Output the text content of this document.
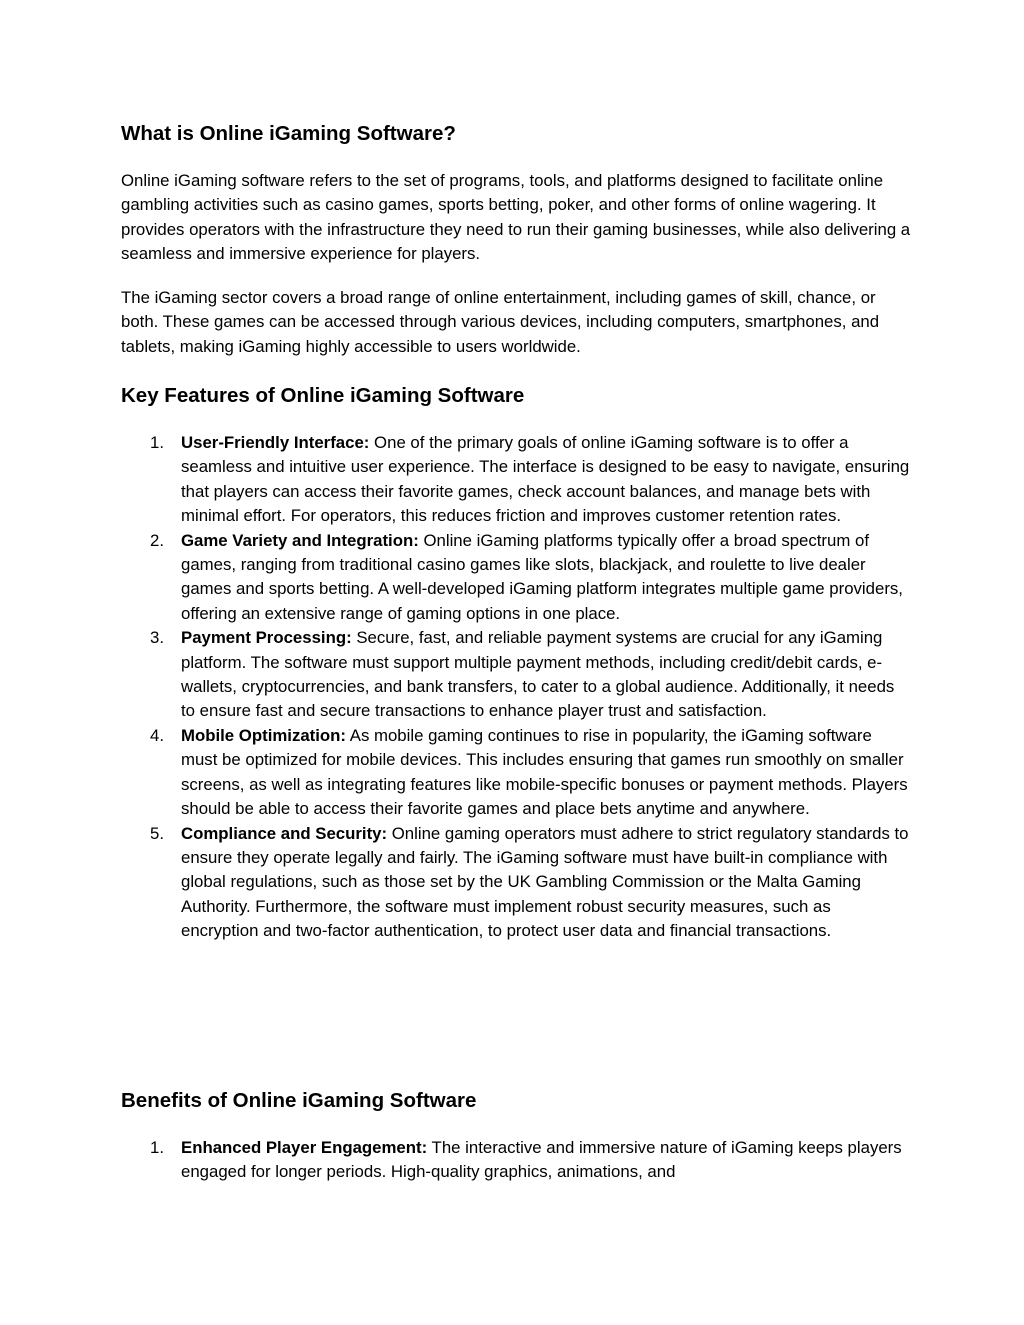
What is Online iGaming Software?

Online iGaming software refers to the set of programs, tools, and platforms designed to facilitate online gambling activities such as casino games, sports betting, poker, and other forms of online wagering. It provides operators with the infrastructure they need to run their gaming businesses, while also delivering a seamless and immersive experience for players.

The iGaming sector covers a broad range of online entertainment, including games of skill, chance, or both. These games can be accessed through various devices, including computers, smartphones, and tablets, making iGaming highly accessible to users worldwide.

Key Features of Online iGaming Software
1. User-Friendly Interface: One of the primary goals of online iGaming software is to offer a seamless and intuitive user experience. The interface is designed to be easy to navigate, ensuring that players can access their favorite games, check account balances, and manage bets with minimal effort. For operators, this reduces friction and improves customer retention rates.
2. Game Variety and Integration: Online iGaming platforms typically offer a broad spectrum of games, ranging from traditional casino games like slots, blackjack, and roulette to live dealer games and sports betting. A well-developed iGaming platform integrates multiple game providers, offering an extensive range of gaming options in one place.
3. Payment Processing: Secure, fast, and reliable payment systems are crucial for any iGaming platform. The software must support multiple payment methods, including credit/debit cards, e-wallets, cryptocurrencies, and bank transfers, to cater to a global audience. Additionally, it needs to ensure fast and secure transactions to enhance player trust and satisfaction.
4. Mobile Optimization: As mobile gaming continues to rise in popularity, the iGaming software must be optimized for mobile devices. This includes ensuring that games run smoothly on smaller screens, as well as integrating features like mobile-specific bonuses or payment methods. Players should be able to access their favorite games and place bets anytime and anywhere.
5. Compliance and Security: Online gaming operators must adhere to strict regulatory standards to ensure they operate legally and fairly. The iGaming software must have built-in compliance with global regulations, such as those set by the UK Gambling Commission or the Malta Gaming Authority. Furthermore, the software must implement robust security measures, such as encryption and two-factor authentication, to protect user data and financial transactions.
Benefits of Online iGaming Software
1. Enhanced Player Engagement: The interactive and immersive nature of iGaming keeps players engaged for longer periods. High-quality graphics, animations, and
